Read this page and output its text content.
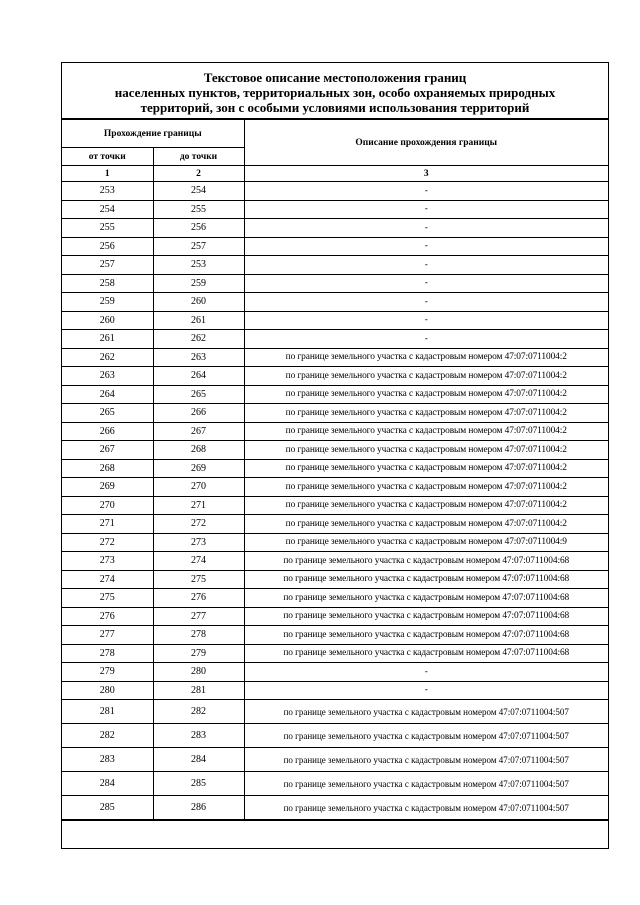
Текстовое описание местоположения границ
населенных пунктов, территориальных зон, особо охраняемых природных
территорий, зон с особыми условиями использования территорий
Прохождение границы		Описание прохождения границы
от точки	до точки	
1	2	3
253	254	-
254	255	-
255	256	-
256	257	-
257	253	-
258	259	-
259	260	-
260	261	-
261	262	-
262	263	по границе земельного участка с кадастровым номером 47:07:0711004:2
263	264	по границе земельного участка с кадастровым номером 47:07:0711004:2
264	265	по границе земельного участка с кадастровым номером 47:07:0711004:2
265	266	по границе земельного участка с кадастровым номером 47:07:0711004:2
266	267	по границе земельного участка с кадастровым номером 47:07:0711004:2
267	268	по границе земельного участка с кадастровым номером 47:07:0711004:2
268	269	по границе земельного участка с кадастровым номером 47:07:0711004:2
269	270	по границе земельного участка с кадастровым номером 47:07:0711004:2
270	271	по границе земельного участка с кадастровым номером 47:07:0711004:2
271	272	по границе земельного участка с кадастровым номером 47:07:0711004:2
272	273	по границе земельного участка с кадастровым номером 47:07:0711004:9
273	274	по границе земельного участка с кадастровым номером 47:07:0711004:68
274	275	по границе земельного участка с кадастровым номером 47:07:0711004:68
275	276	по границе земельного участка с кадастровым номером 47:07:0711004:68
276	277	по границе земельного участка с кадастровым номером 47:07:0711004:68
277	278	по границе земельного участка с кадастровым номером 47:07:0711004:68
278	279	по границе земельного участка с кадастровым номером 47:07:0711004:68
279	280	-
280	281	-
281	282	по границе земельного участка с кадастровым номером 47:07:0711004:507
282	283	по границе земельного участка с кадастровым номером 47:07:0711004:507
283	284	по границе земельного участка с кадастровым номером 47:07:0711004:507
284	285	по границе земельного участка с кадастровым номером 47:07:0711004:507
285	286	по границе земельного участка с кадастровым номером 47:07:0711004:507
